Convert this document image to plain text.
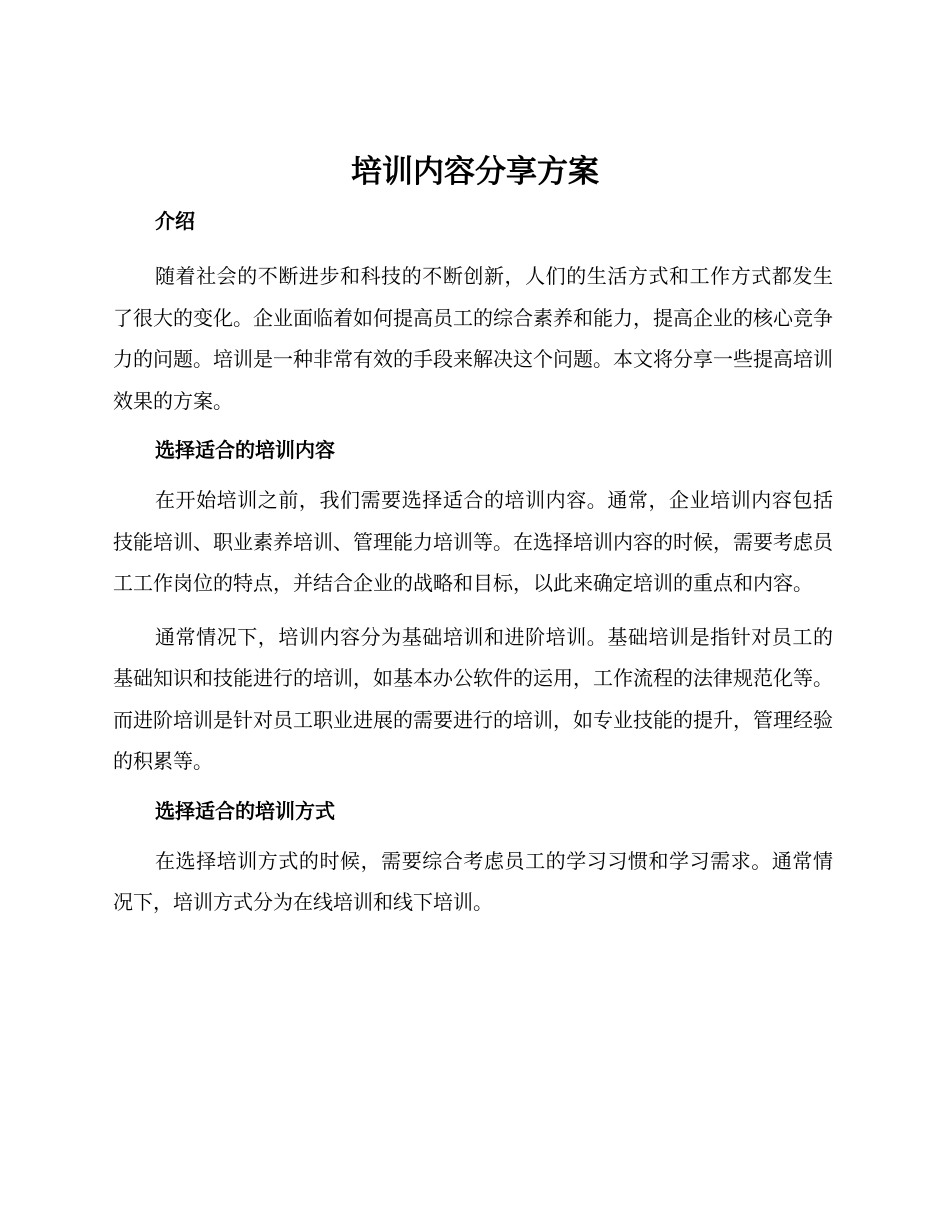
培训内容分享方案
介绍

随着社会的不断进步和科技的不断创新，人们的生活方式和工作方式都发生了很大的变化。企业面临着如何提高员工的综合素养和能力，提高企业的核心竞争力的问题。培训是一种非常有效的手段来解决这个问题。本文将分享一些提高培训效果的方案。

选择适合的培训内容

在开始培训之前，我们需要选择适合的培训内容。通常，企业培训内容包括技能培训、职业素养培训、管理能力培训等。在选择培训内容的时候，需要考虑员工工作岗位的特点，并结合企业的战略和目标，以此来确定培训的重点和内容。

通常情况下，培训内容分为基础培训和进阶培训。基础培训是指针对员工的基础知识和技能进行的培训，如基本办公软件的运用，工作流程的法律规范化等。而进阶培训是针对员工职业进展的需要进行的培训，如专业技能的提升，管理经验的积累等。

选择适合的培训方式

在选择培训方式的时候，需要综合考虑员工的学习习惯和学习需求。通常情况下，培训方式分为在线培训和线下培训。
